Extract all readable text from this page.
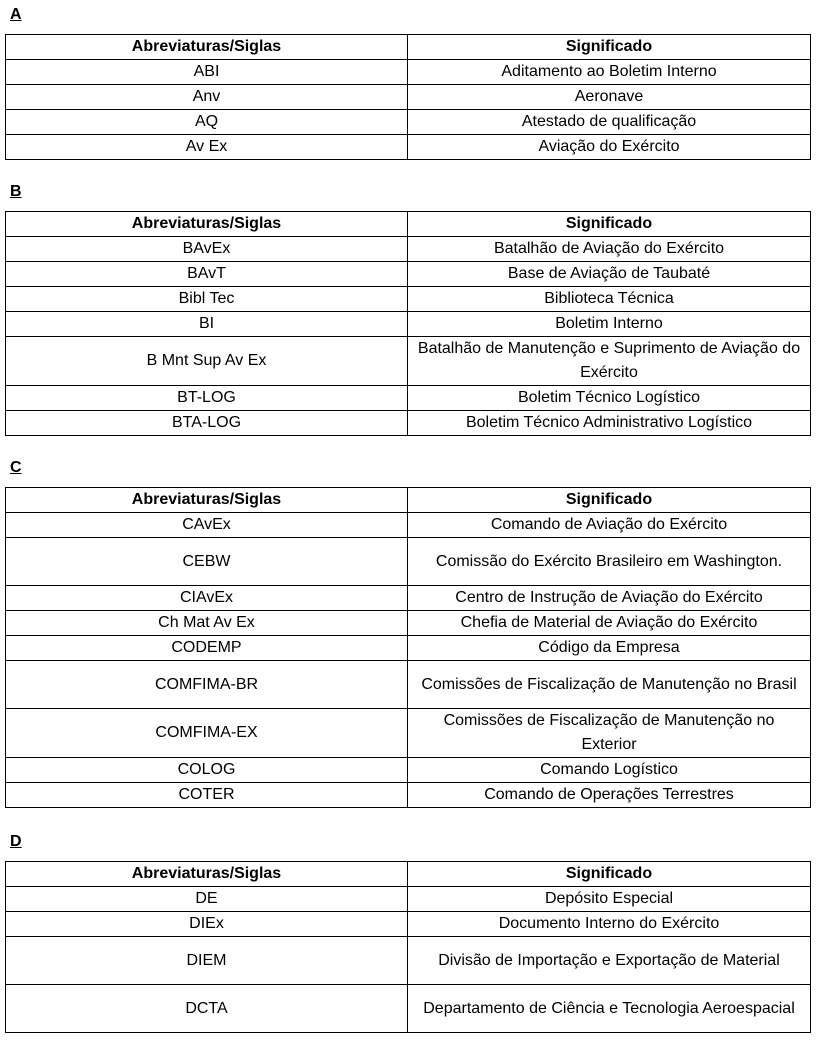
A
Abreviaturas/Siglas	Significado
ABI	Aditamento ao Boletim Interno
Anv	Aeronave
AQ	Atestado de qualificação
Av Ex	Aviação do Exército
B
Abreviaturas/Siglas	Significado
BAvEx	Batalhão de Aviação do Exército
BAvT	Base de Aviação de Taubaté
Bibl Tec	Biblioteca Técnica
BI	Boletim Interno
B Mnt Sup Av Ex	Batalhão de Manutenção e Suprimento de Aviação do Exército
BT-LOG	Boletim Técnico Logístico
BTA-LOG	Boletim Técnico Administrativo Logístico
C
Abreviaturas/Siglas	Significado
CAvEx	Comando de Aviação do Exército
CEBW	Comissão do Exército Brasileiro em Washington.
CIAvEx	Centro de Instrução de Aviação do Exército
Ch Mat Av Ex	Chefia de Material de Aviação do Exército
CODEMP	Código da Empresa
COMFIMA-BR	Comissões de Fiscalização de Manutenção no Brasil
COMFIMA-EX	Comissões de Fiscalização de Manutenção no Exterior
COLOG	Comando Logístico
COTER	Comando de Operações Terrestres
D
Abreviaturas/Siglas	Significado
DE	Depósito Especial
DIEx	Documento Interno do Exército
DIEM	Divisão de Importação e Exportação de Material
DCTA	Departamento de Ciência e Tecnologia Aeroespacial
